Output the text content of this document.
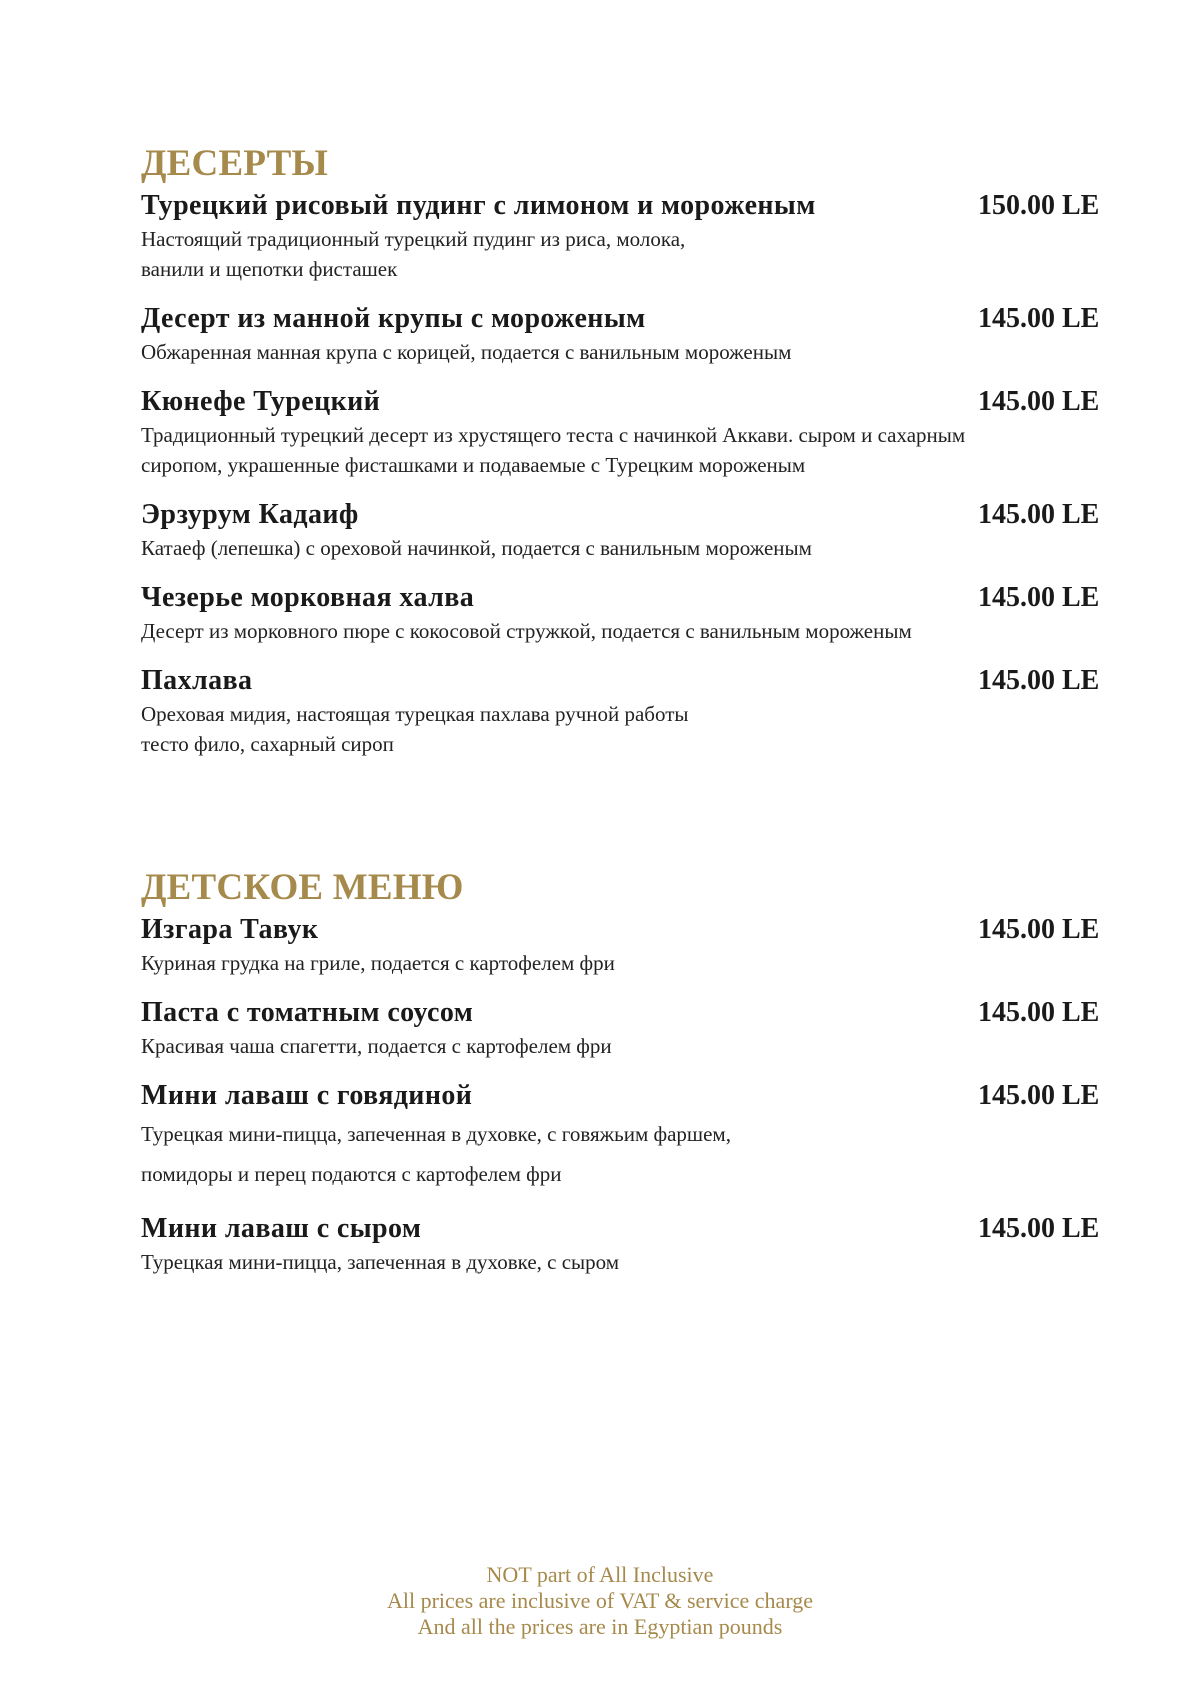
ДЕСЕРТЫ
Турецкий рисовый пудинг с лимоном и мороженым	150.00 LE
Настоящий традиционный турецкий пудинг из риса, молока,
ванили и щепотки фисташек
Десерт из манной крупы с мороженым	145.00 LE
Обжаренная манная крупа с корицей, подается с ванильным мороженым
Кюнефе Турецкий	145.00 LE
Традиционный турецкий десерт из хрустящего теста с начинкой Аккави. сыром и сахарным
сиропом, украшенные фисташками и подаваемые с Турецким мороженым
Эрзурум Кадаиф	145.00 LE
Катаеф (лепешка) с ореховой начинкой, подается с ванильным мороженым
Чезерье морковная халва	145.00 LE
Десерт из морковного пюре с кокосовой стружкой, подается с ванильным мороженым
Пахлава	145.00 LE
Ореховая мидия, настоящая турецкая пахлава ручной работы
тесто фило, сахарный сироп
ДЕТСКОЕ МЕНЮ
Изгара Тавук	145.00 LE
Куриная грудка на гриле, подается с картофелем фри
Паста с томатным соусом	145.00 LE
Красивая чаша спагетти, подается с картофелем фри
Мини лаваш с говядиной	145.00 LE
Турецкая мини-пицца, запеченная в духовке, с говяжьим фаршем,
помидоры и перец подаются с картофелем фри
Мини лаваш с сыром	145.00 LE
Турецкая мини-пицца, запеченная в духовке, с сыром
NOT part of All Inclusive
All prices are inclusive of VAT & service charge
And all the prices are in Egyptian pounds
